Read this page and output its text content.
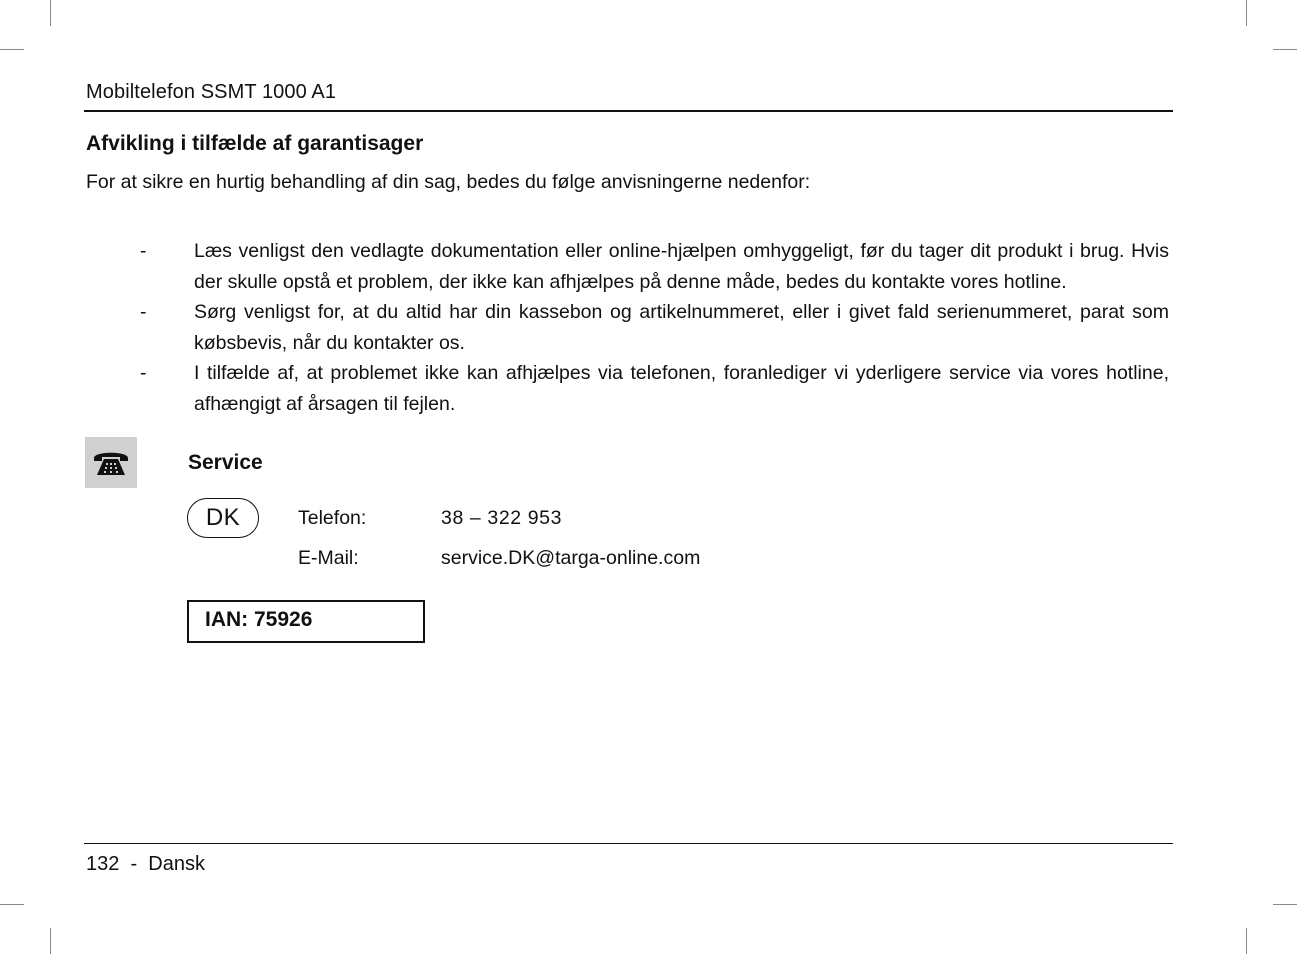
Mobiltelefon SSMT 1000 A1
Afvikling i tilfælde af garantisager
For at sikre en hurtig behandling af din sag, bedes du følge anvisningerne nedenfor:
- Læs venligst den vedlagte dokumentation eller online-hjælpen omhyggeligt, før du tager dit produkt i brug. Hvis der skulle opstå et problem, der ikke kan afhjælpes på denne måde, bedes du kontakte vores hotline.
- Sørg venligst for, at du altid har din kassebon og artikelnummeret, eller i givet fald serienummeret, parat som købsbevis, når du kontakter os.
- I tilfælde af, at problemet ikke kan afhjælpes via telefonen, foranlediger vi yderligere service via vores hotline, afhængigt af årsagen til fejlen.
Service
DK	Telefon:	38 – 322 953
E-Mail:	service.DK@targa-online.com
IAN: 75926
132  -  Dansk
